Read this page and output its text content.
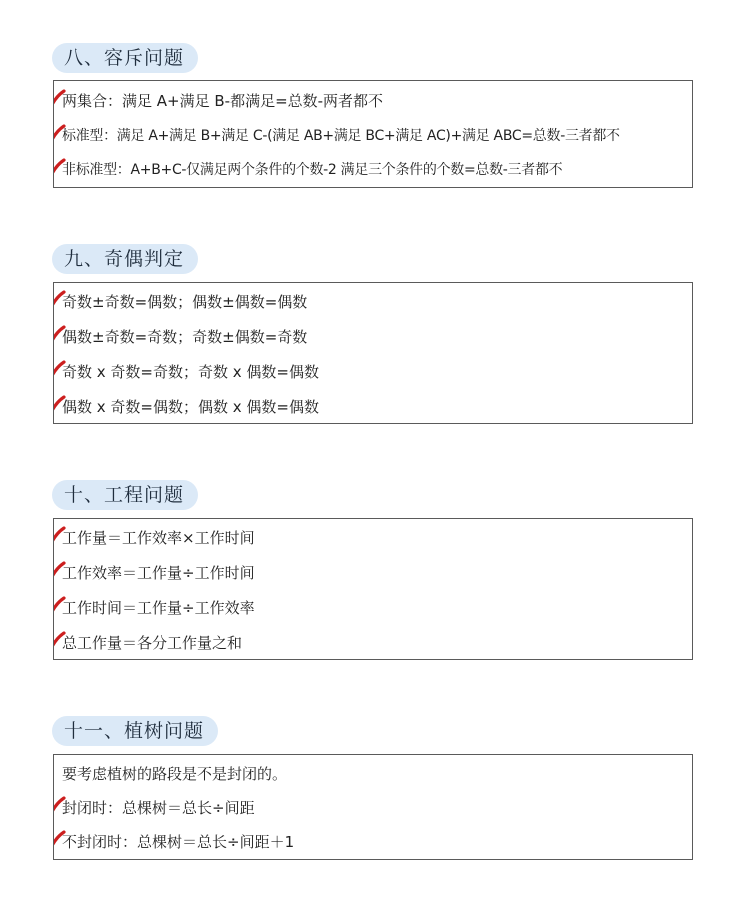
八、容斥问题
两集合：满足 A+满足 B-都满足=总数-两者都不
标准型：满足 A+满足 B+满足 C-(满足 AB+满足 BC+满足 AC)+满足 ABC=总数-三者都不
非标准型：A+B+C-仅满足两个条件的个数-2 满足三个条件的个数=总数-三者都不
九、奇偶判定
奇数±奇数=偶数；偶数±偶数=偶数
偶数±奇数=奇数；奇数±偶数=奇数
奇数 x 奇数=奇数；奇数 x 偶数=偶数
偶数 x 奇数=偶数；偶数 x 偶数=偶数
十、工程问题
工作量＝工作效率×工作时间
工作效率＝工作量÷工作时间
工作时间＝工作量÷工作效率
总工作量＝各分工作量之和
十一、植树问题
要考虑植树的路段是不是封闭的。
封闭时：总棵树＝总长÷间距
不封闭时：总棵树＝总长÷间距＋1
